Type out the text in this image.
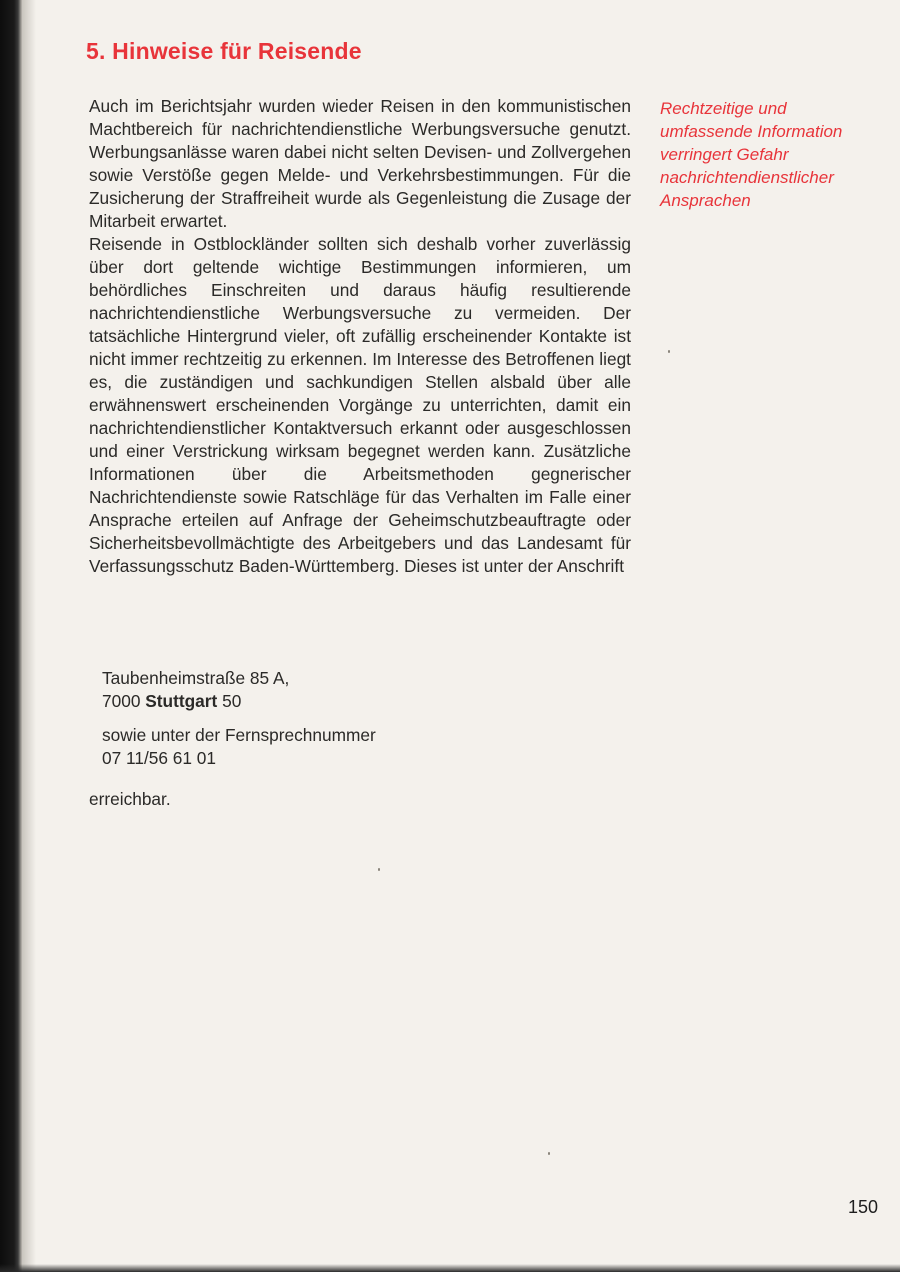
5. Hinweise für Reisende

Auch im Berichtsjahr wurden wieder Reisen in den kommunistischen Machtbereich für nachrichtendienstliche Werbungsversuche genutzt. Werbungsanlässe waren dabei nicht selten Devisen- und Zollvergehen sowie Verstöße gegen Melde- und Verkehrsbestimmungen. Für die Zusicherung der Straffreiheit wurde als Gegenleistung die Zusage der Mitarbeit erwartet.

Reisende in Ostblockländer sollten sich deshalb vorher zuverlässig über dort geltende wichtige Bestimmungen informieren, um behördliches Einschreiten und daraus häufig resultierende nachrichtendienstliche Werbungsversuche zu vermeiden. Der tatsächliche Hintergrund vieler, oft zufällig erscheinender Kontakte ist nicht immer rechtzeitig zu erkennen. Im Interesse des Betroffenen liegt es, die zuständigen und sachkundigen Stellen alsbald über alle erwähnenswert erscheinenden Vorgänge zu unterrichten, damit ein nachrichtendienstlicher Kontaktversuch erkannt oder ausgeschlossen und einer Verstrickung wirksam begegnet werden kann. Zusätzliche Informationen über die Arbeitsmethoden gegnerischer Nachrichtendienste sowie Ratschläge für das Verhalten im Falle einer Ansprache erteilen auf Anfrage der Geheimschutzbeauftragte oder Sicherheitsbevollmächtigte des Arbeitgebers und das Landesamt für Verfassungsschutz Baden-Württemberg. Dieses ist unter der Anschrift

Rechtzeitige und umfassende Information verringert Gefahr nachrichtendienstlicher Ansprachen
Taubenheimstraße 85 A,
7000 Stuttgart 50
sowie unter der Fernsprechnummer
07 11/56 61 01
erreichbar.
150
